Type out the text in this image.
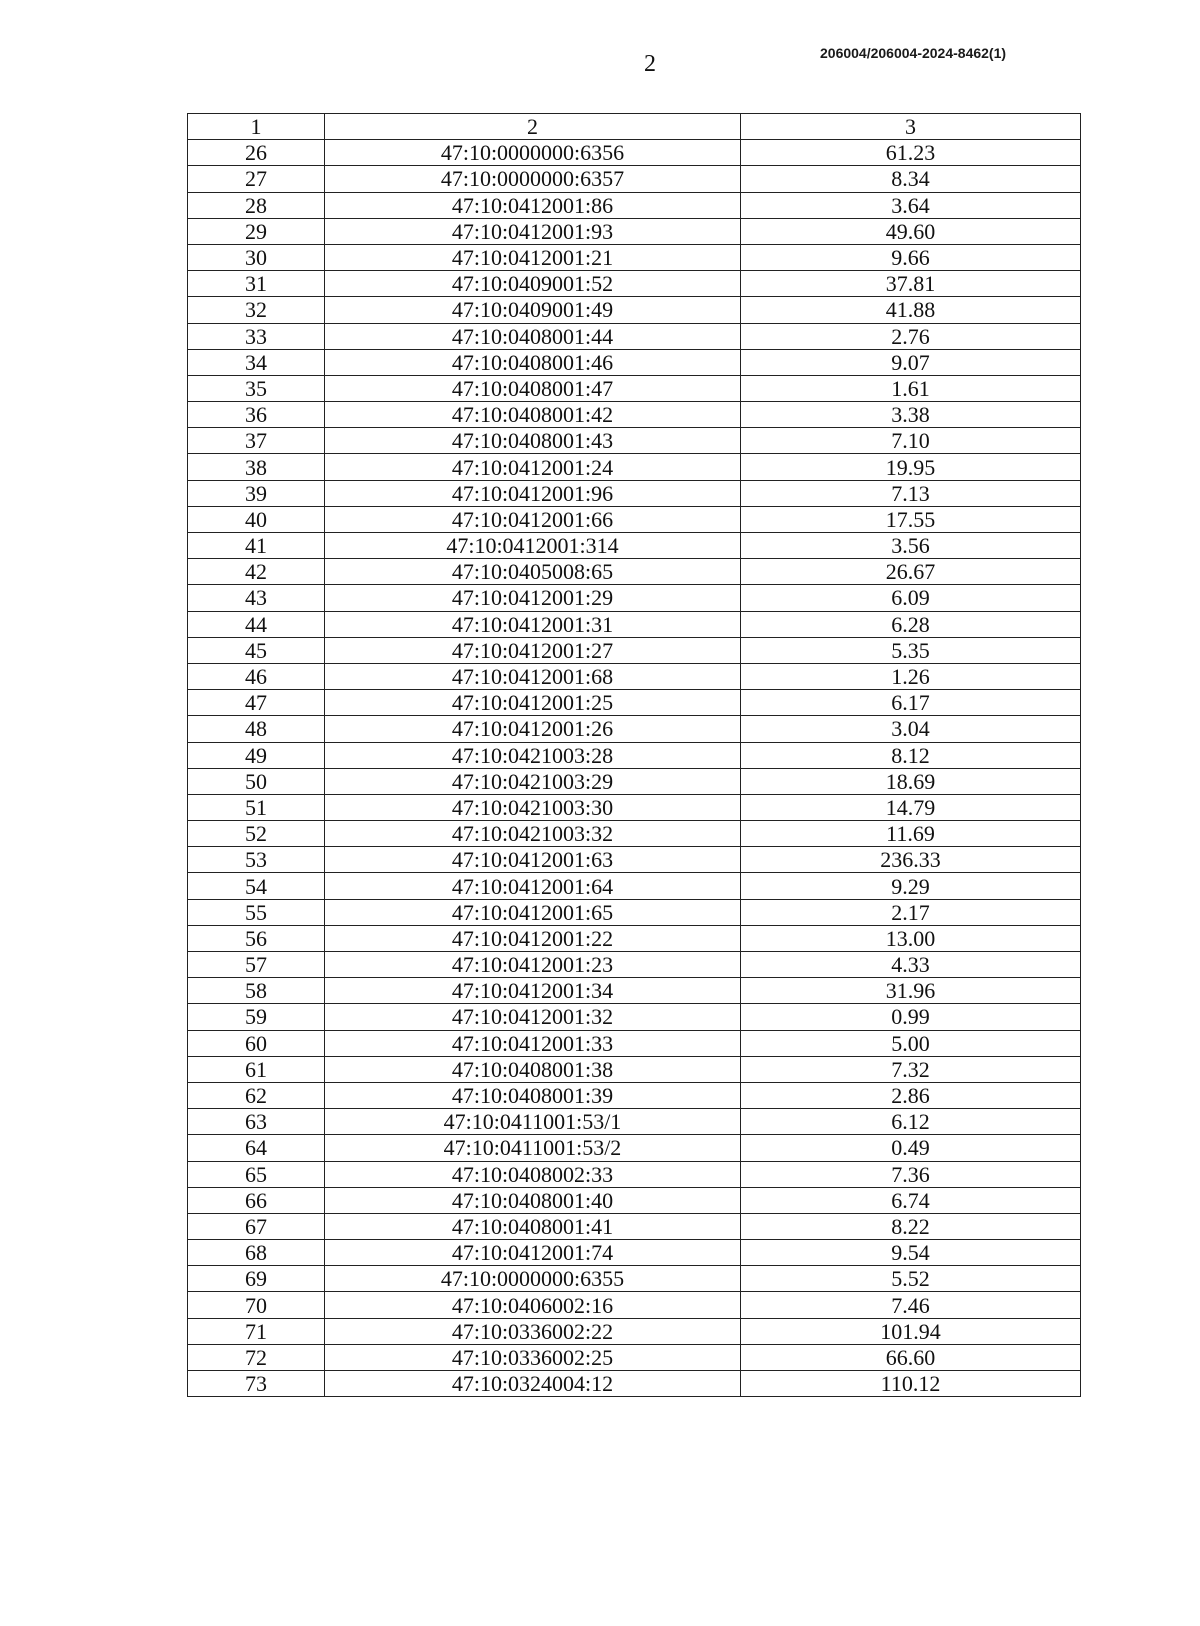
2	206004/206004-2024-8462(1)
1	2	3
26	47:10:0000000:6356	61.23
27	47:10:0000000:6357	8.34
28	47:10:0412001:86	3.64
29	47:10:0412001:93	49.60
30	47:10:0412001:21	9.66
31	47:10:0409001:52	37.81
32	47:10:0409001:49	41.88
33	47:10:0408001:44	2.76
34	47:10:0408001:46	9.07
35	47:10:0408001:47	1.61
36	47:10:0408001:42	3.38
37	47:10:0408001:43	7.10
38	47:10:0412001:24	19.95
39	47:10:0412001:96	7.13
40	47:10:0412001:66	17.55
41	47:10:0412001:314	3.56
42	47:10:0405008:65	26.67
43	47:10:0412001:29	6.09
44	47:10:0412001:31	6.28
45	47:10:0412001:27	5.35
46	47:10:0412001:68	1.26
47	47:10:0412001:25	6.17
48	47:10:0412001:26	3.04
49	47:10:0421003:28	8.12
50	47:10:0421003:29	18.69
51	47:10:0421003:30	14.79
52	47:10:0421003:32	11.69
53	47:10:0412001:63	236.33
54	47:10:0412001:64	9.29
55	47:10:0412001:65	2.17
56	47:10:0412001:22	13.00
57	47:10:0412001:23	4.33
58	47:10:0412001:34	31.96
59	47:10:0412001:32	0.99
60	47:10:0412001:33	5.00
61	47:10:0408001:38	7.32
62	47:10:0408001:39	2.86
63	47:10:0411001:53/1	6.12
64	47:10:0411001:53/2	0.49
65	47:10:0408002:33	7.36
66	47:10:0408001:40	6.74
67	47:10:0408001:41	8.22
68	47:10:0412001:74	9.54
69	47:10:0000000:6355	5.52
70	47:10:0406002:16	7.46
71	47:10:0336002:22	101.94
72	47:10:0336002:25	66.60
73	47:10:0324004:12	110.12
